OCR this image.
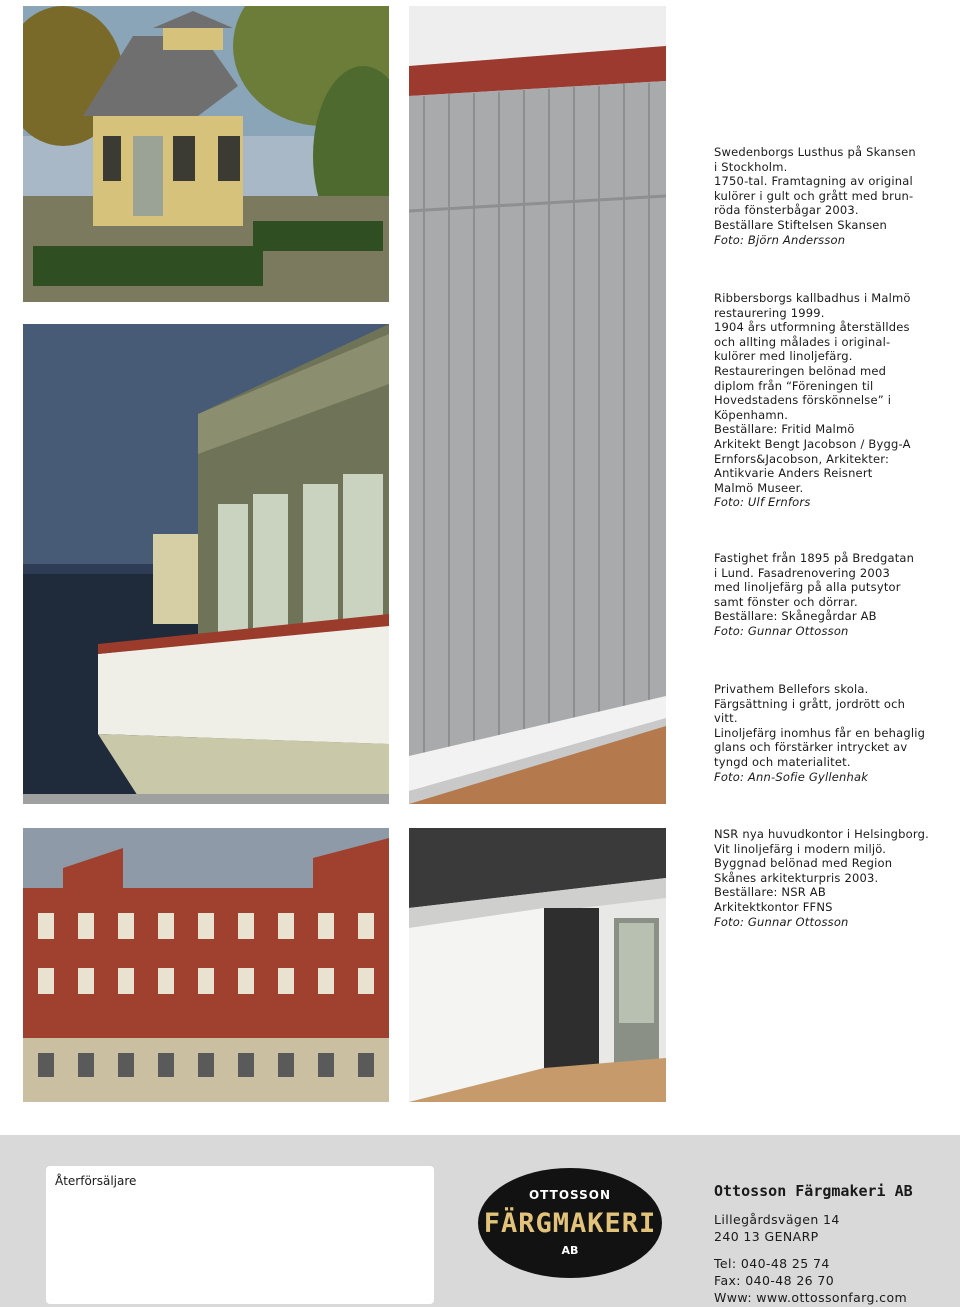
Swedenborgs Lusthus på Skansen
i Stockholm.
1750-tal. Framtagning av original
kulörer i gult och grått med brun-
röda fönsterbågar 2003.
Beställare Stiftelsen Skansen
Foto: Björn Andersson
Ribbersborgs kallbadhus i Malmö
restaurering 1999.
1904 års utformning återställdes
och allting målades i original-
kulörer med linoljefärg.
Restaureringen belönad med
diplom från “Föreningen til
Hovedstadens förskönnelse” i
Köpenhamn.
Beställare: Fritid Malmö
Arkitekt Bengt Jacobson / Bygg-A
Ernfors&Jacobson, Arkitekter:
Antikvarie Anders Reisnert
Malmö Museer.
Foto: Ulf Ernfors
Fastighet från 1895 på Bredgatan
i Lund. Fasadrenovering 2003
med linoljefärg på alla putsytor
samt fönster och dörrar.
Beställare: Skånegårdar AB
Foto: Gunnar Ottosson
Privathem Bellefors skola.
Färgsättning i grått, jordrött och
vitt.
Linoljefärg inomhus får en behaglig
glans och förstärker intrycket av
tyngd och materialitet.
Foto: Ann-Sofie Gyllenhak
NSR nya huvudkontor i Helsingborg.
Vit linoljefärg i modern miljö.
Byggnad belönad med Region
Skånes arkitekturpris 2003.
Beställare: NSR AB
Arkitektkontor FFNS
Foto: Gunnar Ottosson
Återförsäljare
OTTOSSON
FÄRGMAKERI
AB
Ottosson Färgmakeri AB
Lillegårdsvägen 14
240 13 GENARP
Tel: 040-48 25 74
Fax: 040-48 26 70
Www: www.ottossonfarg.com
